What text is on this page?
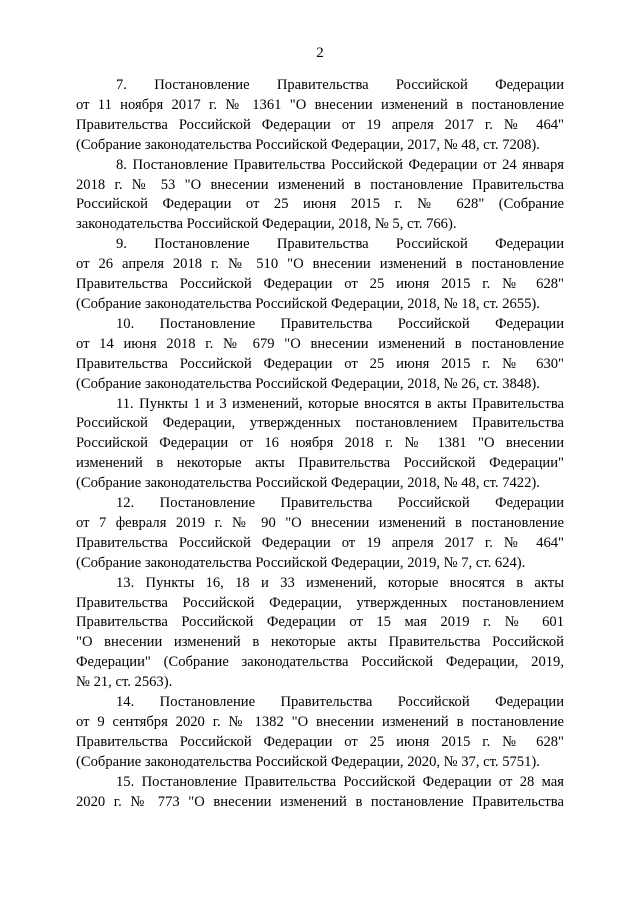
2

7. Постановление Правительства Российской Федерации
от 11 ноября 2017 г. № 1361 "О внесении изменений в постановление
Правительства Российской Федерации от 19 апреля 2017 г. № 464"
(Собрание законодательства Российской Федерации, 2017, № 48, ст. 7208).

8. Постановление Правительства Российской Федерации от 24 января
2018 г. № 53 "О внесении изменений в постановление Правительства
Российской Федерации от 25 июня 2015 г. № 628" (Собрание
законодательства Российской Федерации, 2018, № 5, ст. 766).

9. Постановление Правительства Российской Федерации
от 26 апреля 2018 г. № 510 "О внесении изменений в постановление
Правительства Российской Федерации от 25 июня 2015 г. № 628"
(Собрание законодательства Российской Федерации, 2018, № 18, ст. 2655).

10. Постановление Правительства Российской Федерации
от 14 июня 2018 г. № 679 "О внесении изменений в постановление
Правительства Российской Федерации от 25 июня 2015 г. № 630"
(Собрание законодательства Российской Федерации, 2018, № 26, ст. 3848).

11. Пункты 1 и 3 изменений, которые вносятся в акты Правительства
Российской Федерации, утвержденных постановлением Правительства
Российской Федерации от 16 ноября 2018 г. № 1381 "О внесении
изменений в некоторые акты Правительства Российской Федерации"
(Собрание законодательства Российской Федерации, 2018, № 48, ст. 7422).

12. Постановление Правительства Российской Федерации
от 7 февраля 2019 г. № 90 "О внесении изменений в постановление
Правительства Российской Федерации от 19 апреля 2017 г. № 464"
(Собрание законодательства Российской Федерации, 2019, № 7, ст. 624).

13. Пункты 16, 18 и 33 изменений, которые вносятся в акты
Правительства Российской Федерации, утвержденных постановлением
Правительства Российской Федерации от 15 мая 2019 г. № 601
"О внесении изменений в некоторые акты Правительства Российской
Федерации" (Собрание законодательства Российской Федерации, 2019,
№ 21, ст. 2563).

14. Постановление Правительства Российской Федерации
от 9 сентября 2020 г. № 1382 "О внесении изменений в постановление
Правительства Российской Федерации от 25 июня 2015 г. № 628"
(Собрание законодательства Российской Федерации, 2020, № 37, ст. 5751).

15. Постановление Правительства Российской Федерации от 28 мая
2020 г. № 773 "О внесении изменений в постановление Правительства
